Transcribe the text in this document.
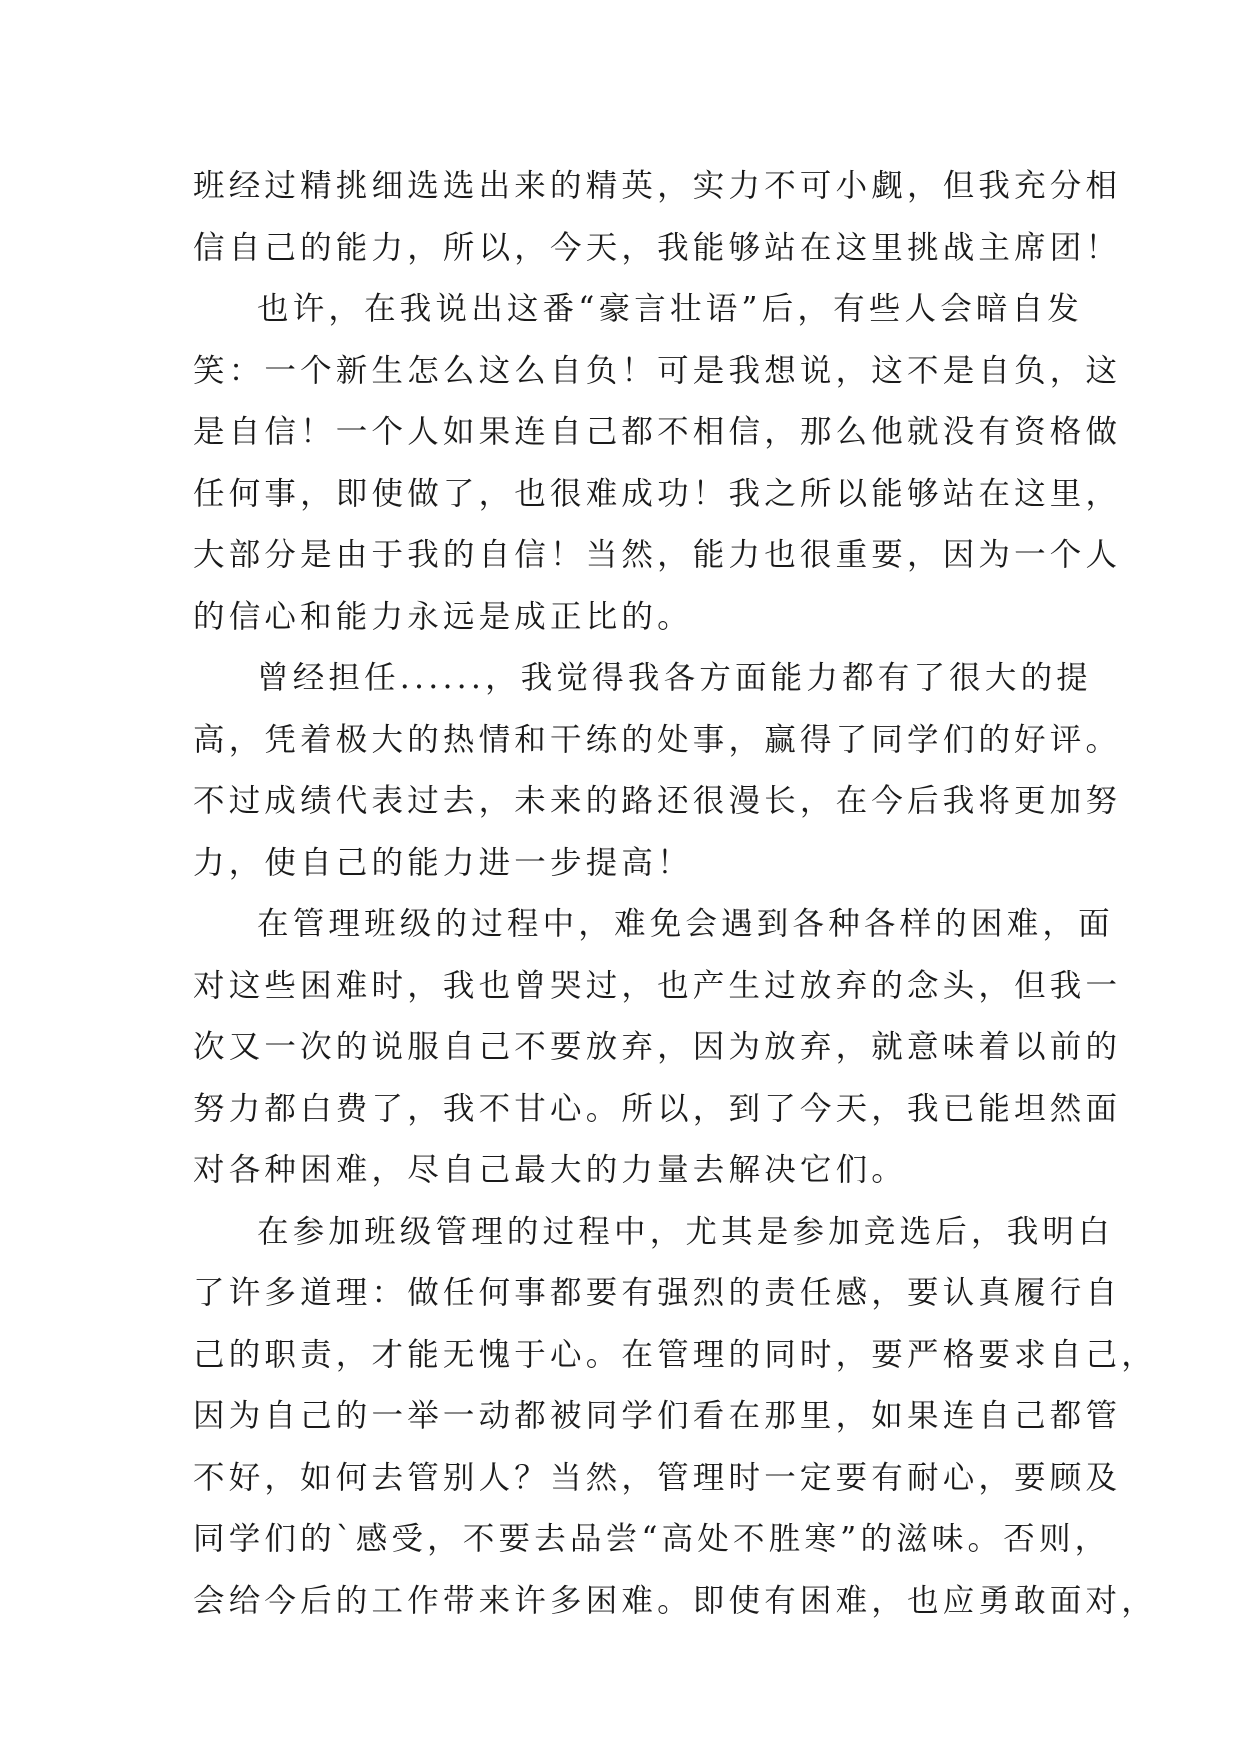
班经过精挑细选选出来的精英，实力不可小觑，但我充分相
信自己的能力，所以，今天，我能够站在这里挑战主席团！
也许，在我说出这番“豪言壮语”后，有些人会暗自发
笑：一个新生怎么这么自负！可是我想说，这不是自负，这
是自信！一个人如果连自己都不相信，那么他就没有资格做
任何事，即使做了，也很难成功！我之所以能够站在这里，
大部分是由于我的自信！当然，能力也很重要，因为一个人
的信心和能力永远是成正比的。
曾经担任......，我觉得我各方面能力都有了很大的提
高，凭着极大的热情和干练的处事，赢得了同学们的好评。
不过成绩代表过去，未来的路还很漫长，在今后我将更加努
力，使自己的能力进一步提高！
在管理班级的过程中，难免会遇到各种各样的困难，面
对这些困难时，我也曾哭过，也产生过放弃的念头，但我一
次又一次的说服自己不要放弃，因为放弃，就意味着以前的
努力都白费了，我不甘心。所以，到了今天，我已能坦然面
对各种困难，尽自己最大的力量去解决它们。
在参加班级管理的过程中，尤其是参加竞选后，我明白
了许多道理：做任何事都要有强烈的责任感，要认真履行自
己的职责，才能无愧于心。在管理的同时，要严格要求自己，
因为自己的一举一动都被同学们看在那里，如果连自己都管
不好，如何去管别人？当然，管理时一定要有耐心，要顾及
同学们的`感受，不要去品尝“高处不胜寒”的滋味。否则，
会给今后的工作带来许多困难。即使有困难，也应勇敢面对，
